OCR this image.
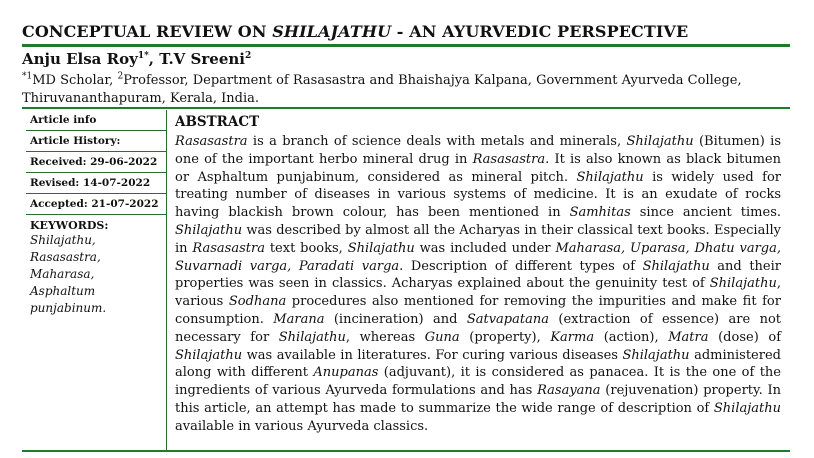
CONCEPTUAL REVIEW ON SHILAJATHU - AN AYURVEDIC PERSPECTIVE
Anju Elsa Roy$^{1*}$, T.V Sreeni$^2$
$^{*1}$MD Scholar, $^2$Professor, Department of Rasasastra and Bhaishajya Kalpana, Government Ayurveda College, Thiruvananthapuram, Kerala, India.
Article info
Article History:
Received: 29-06-2022
Revised: 14-07-2022
Accepted: 21-07-2022
KEYWORDS:
Shilajathu,
Rasasastra,
Maharasa,
Asphaltum
punjabinum.
ABSTRACT
Rasasastra is a branch of science deals with metals and minerals, Shilajathu (Bitumen) is one of the important herbo mineral drug in Rasasastra. It is also known as black bitumen or Asphaltum punjabinum, considered as mineral pitch. Shilajathu is widely used for treating number of diseases in various systems of medicine. It is an exudate of rocks having blackish brown colour, has been mentioned in Samhitas since ancient times. Shilajathu was described by almost all the Acharyas in their classical text books. Especially in Rasasastra text books, Shilajathu was included under Maharasa, Uparasa, Dhatu varga, Suvarnadi varga, Paradati varga. Description of different types of Shilajathu and their properties was seen in classics. Acharyas explained about the genuinity test of Shilajathu, various Sodhana procedures also mentioned for removing the impurities and make fit for consumption. Marana (incineration) and Satvapatana (extraction of essence) are not necessary for Shilajathu, whereas Guna (property), Karma (action), Matra (dose) of Shilajathu was available in literatures. For curing various diseases Shilajathu administered along with different Anupanas (adjuvant), it is considered as panacea. It is the one of the ingredients of various Ayurveda formulations and has Rasayana (rejuvenation) property. In this article, an attempt has made to summarize the wide range of description of Shilajathu available in various Ayurveda classics.
